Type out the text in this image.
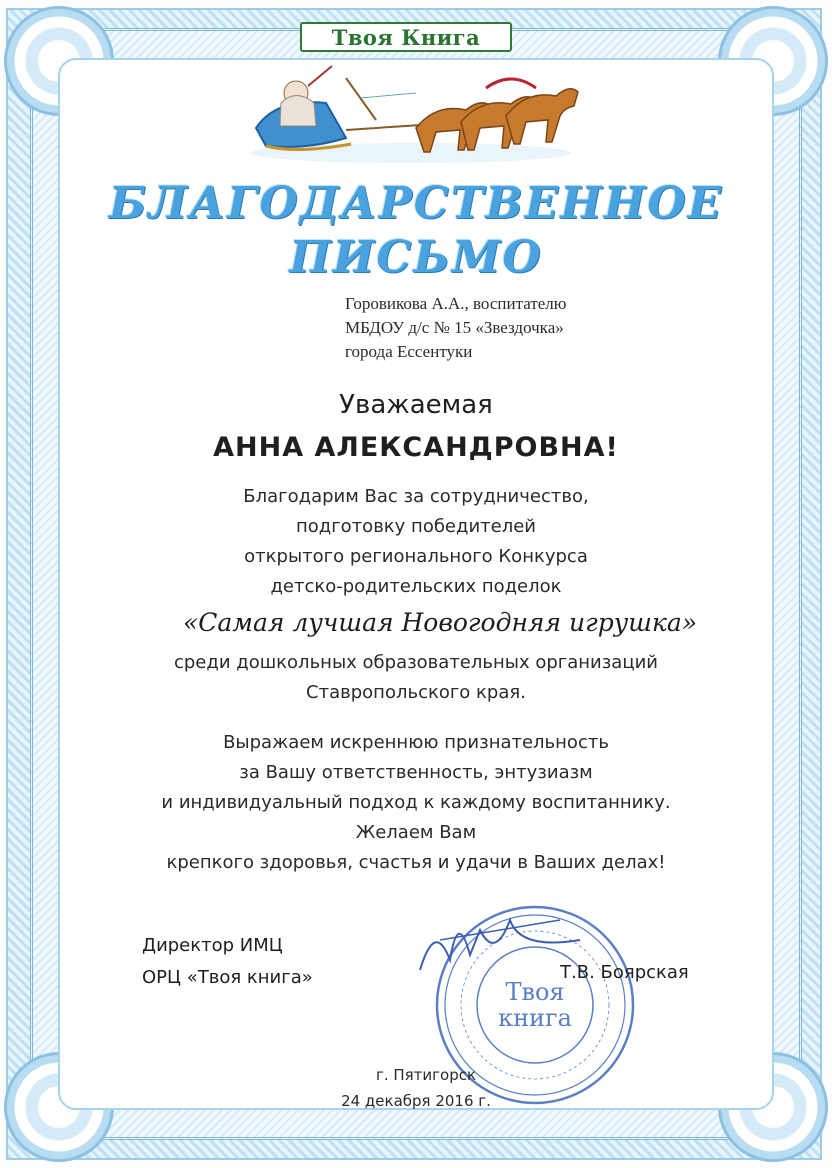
Твоя Книга
БЛАГОДАРСТВЕННОЕ
ПИСЬМО
Горовикова А.А., воспитателю
МБДОУ д/с № 15 «Звездочка»
города Ессентуки
Уважаемая
АННА АЛЕКСАНДРОВНА!
Благодарим Вас за сотрудничество,
подготовку победителей
открытого регионального Конкурса
детско-родительских поделок
«Самая лучшая Новогодняя игрушка»
среди дошкольных образовательных организаций
Ставропольского края.
Выражаем искреннюю признательность
за Вашу ответственность, энтузиазм
и индивидуальный подход к каждому воспитаннику.
Желаем Вам
крепкого здоровья, счастья и удачи в Ваших делах!
Твоя
книга
Директор ИМЦ
ОРЦ «Твоя книга»	Т.В. Боярская
г. Пятигорск
24 декабря 2016 г.
